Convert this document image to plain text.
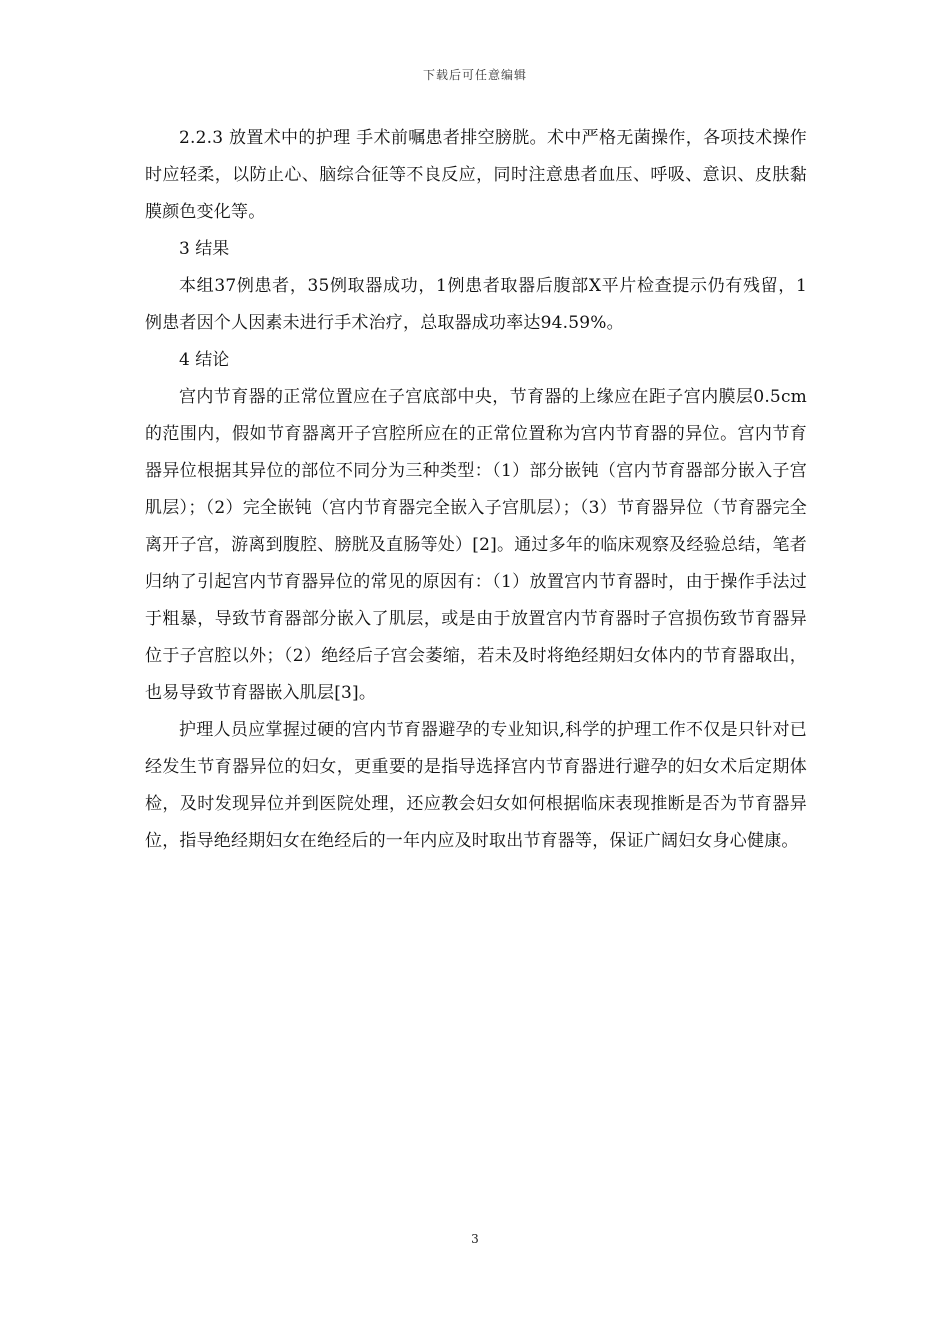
下载后可任意编辑

2.2.3 放置术中的护理 手术前嘱患者排空膀胱。术中严格无菌操作，各项技术操作时应轻柔，以防止心、脑综合征等不良反应，同时注意患者血压、呼吸、意识、皮肤黏膜颜色变化等。

3 结果

本组37例患者，35例取器成功，1例患者取器后腹部X平片检查提示仍有残留，1例患者因个人因素未进行手术治疗，总取器成功率达94.59%。

4 结论

宫内节育器的正常位置应在子宫底部中央，节育器的上缘应在距子宫内膜层0.5cm的范围内，假如节育器离开子宫腔所应在的正常位置称为宫内节育器的异位。宫内节育器异位根据其异位的部位不同分为三种类型：（1）部分嵌钝（宫内节育器部分嵌入子宫肌层）；（2）完全嵌钝（宫内节育器完全嵌入子宫肌层）；（3）节育器异位（节育器完全离开子宫，游离到腹腔、膀胱及直肠等处）[2]。通过多年的临床观察及经验总结，笔者归纳了引起宫内节育器异位的常见的原因有：（1）放置宫内节育器时，由于操作手法过于粗暴，导致节育器部分嵌入了肌层，或是由于放置宫内节育器时子宫损伤致节育器异位于子宫腔以外；（2）绝经后子宫会萎缩，若未及时将绝经期妇女体内的节育器取出，也易导致节育器嵌入肌层[3]。

护理人员应掌握过硬的宫内节育器避孕的专业知识,科学的护理工作不仅是只针对已经发生节育器异位的妇女，更重要的是指导选择宫内节育器进行避孕的妇女术后定期体检，及时发现异位并到医院处理，还应教会妇女如何根据临床表现推断是否为节育器异位，指导绝经期妇女在绝经后的一年内应及时取出节育器等，保证广阔妇女身心健康。

3
